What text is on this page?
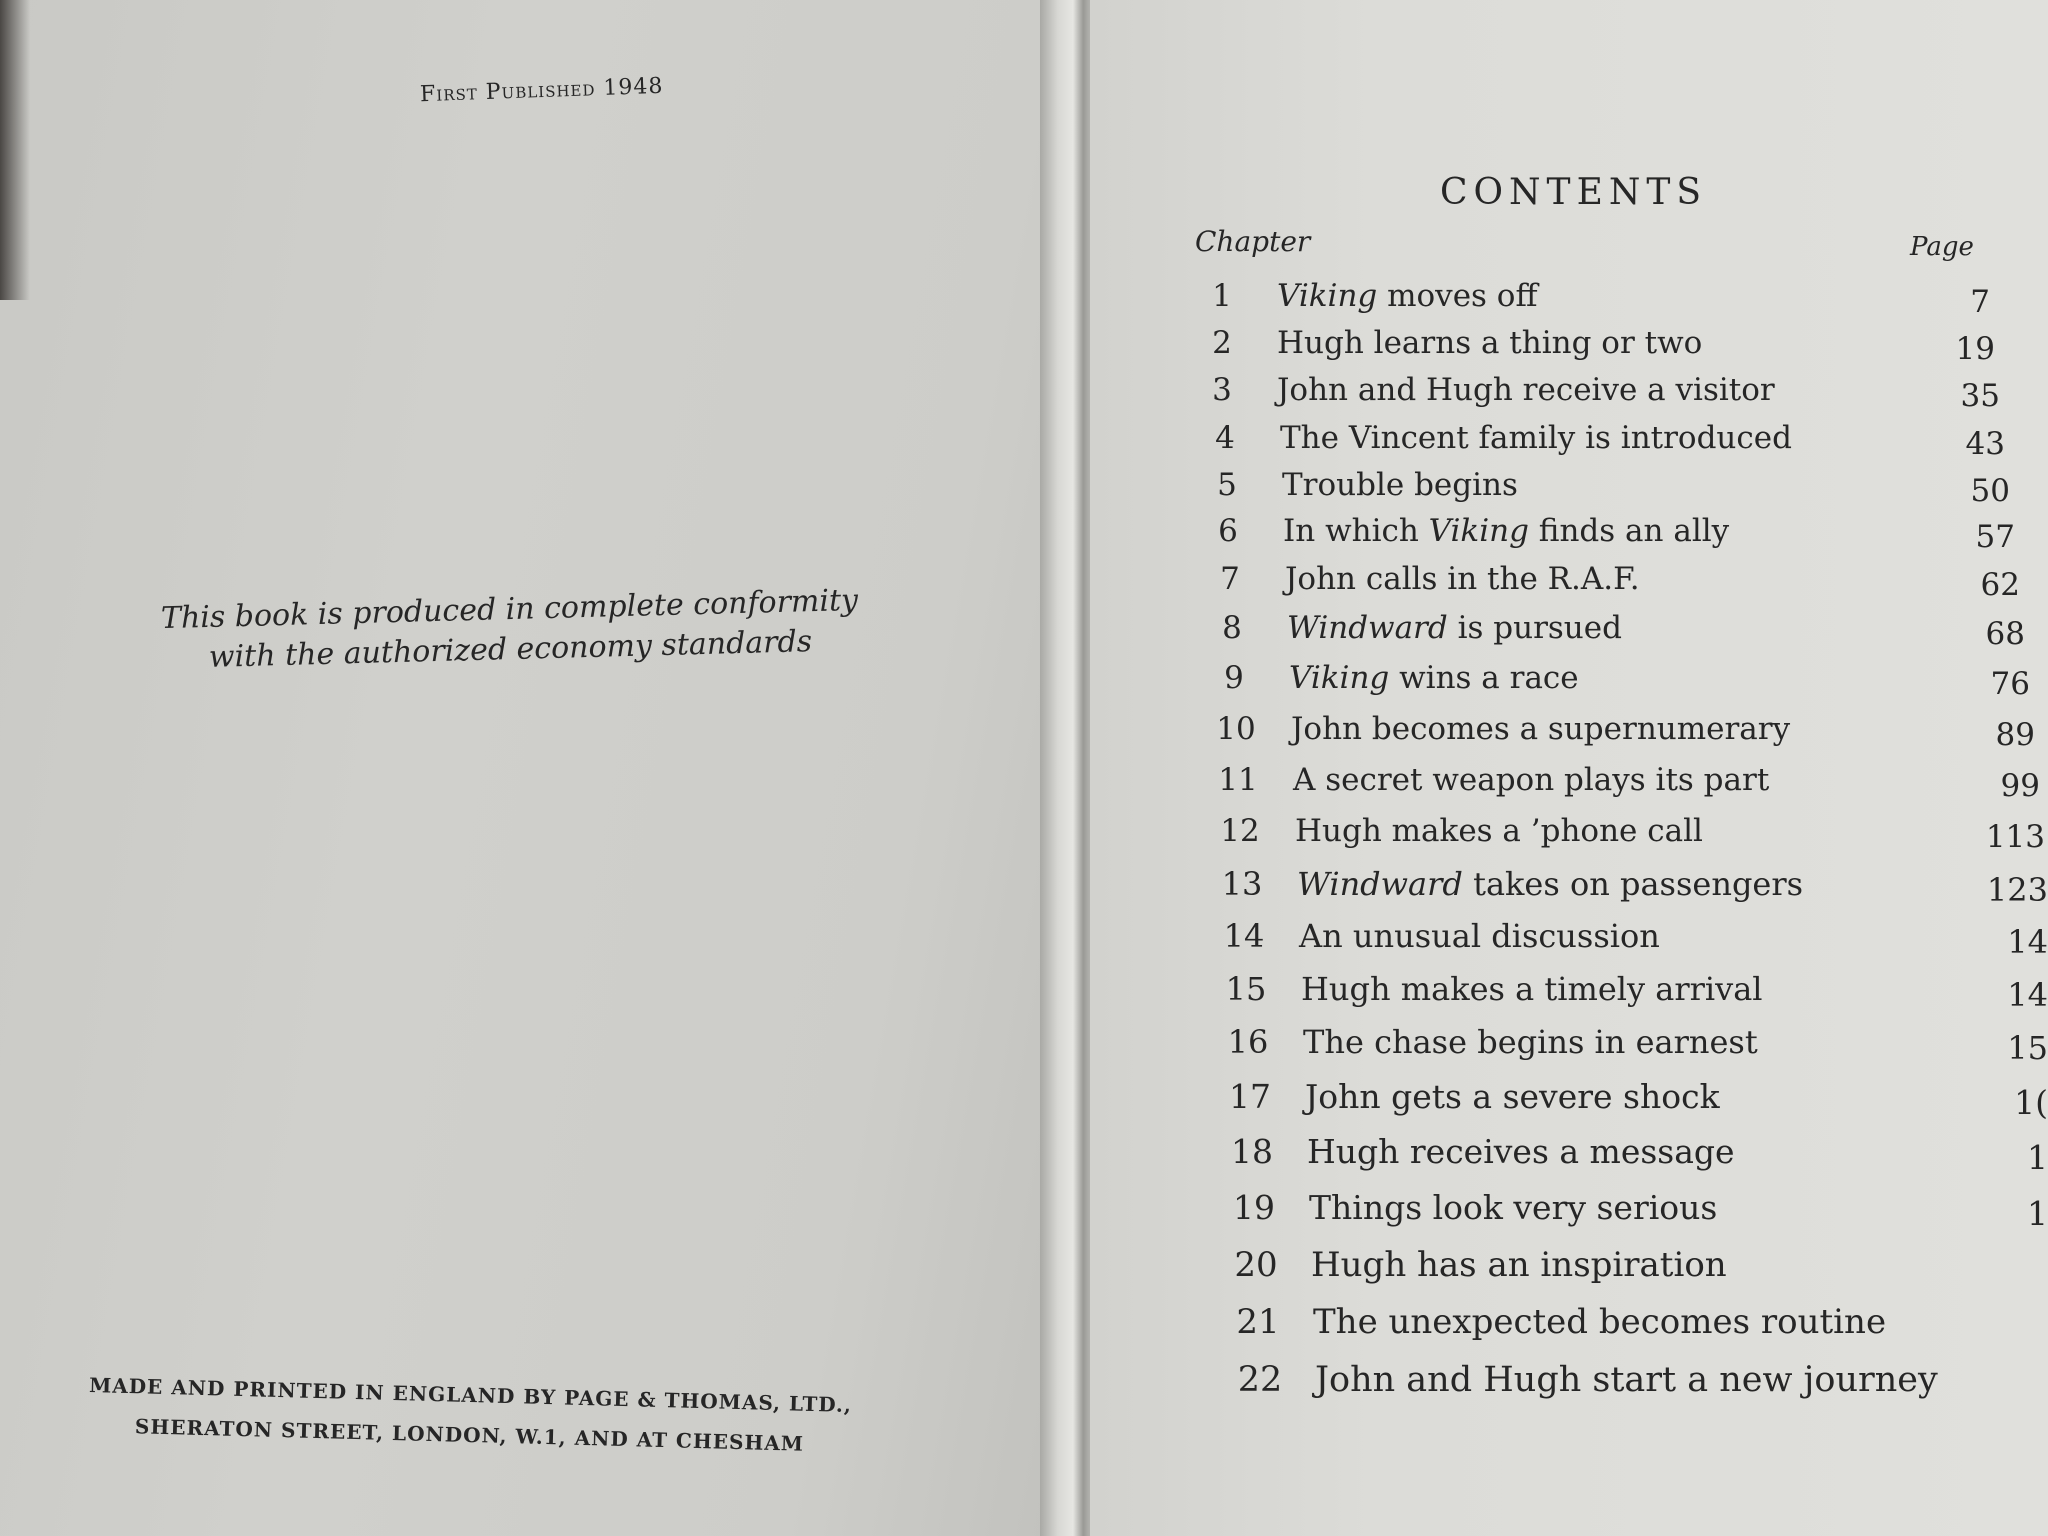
First Published 1948
This book is produced in complete conformity
with the authorized economy standards
MADE AND PRINTED IN ENGLAND BY PAGE & THOMAS, LTD.,
SHERATON STREET, LONDON, W.1, AND AT CHESHAM
CONTENTS
Chapter	Page
1	Viking moves off	7
2	Hugh learns a thing or two	19
3	John and Hugh receive a visitor	35
4	The Vincent family is introduced	43
5	Trouble begins	50
6	In which Viking finds an ally	57
7	John calls in the R.A.F.	62
8	Windward is pursued	68
9	Viking wins a race	76
10	John becomes a supernumerary	89
11	A secret weapon plays its part	99
12	Hugh makes a ’phone call	113
13	Windward takes on passengers	123
14	An unusual discussion	14
15	Hugh makes a timely arrival	14
16	The chase begins in earnest	15
17 John gets a severe shock	1(
18 Hugh receives a message	1
19 Things look very serious	1
20 Hugh has an inspiration
21 The unexpected becomes routine
22 John and Hugh start a new journey
